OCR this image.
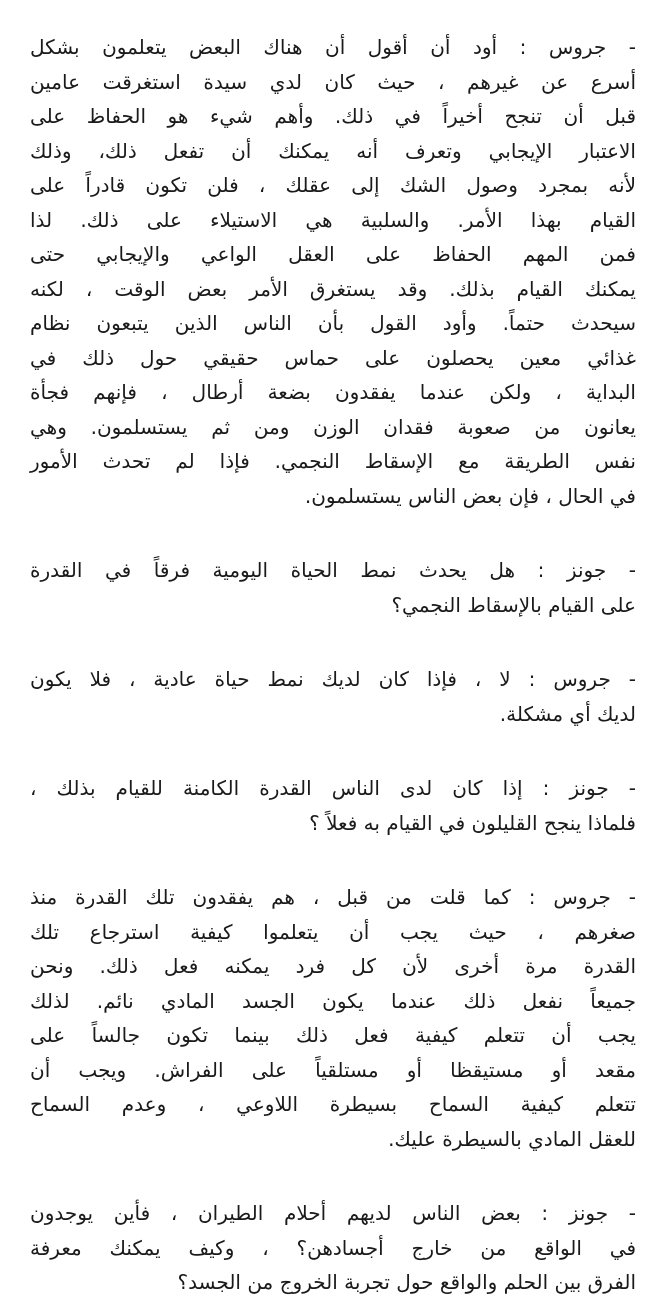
- جروس : أود أن أقول أن هناك البعض يتعلمون بشكل
أسرع عن غيرهم ، حيث كان لدي سيدة استغرقت عامين
قبل أن تنجح أخيراً في ذلك. وأهم شيء هو الحفاظ على
الاعتبار الإيجابي وتعرف أنه يمكنك أن تفعل ذلك، وذلك
لأنه بمجرد وصول الشك إلى عقلك ، فلن تكون قادراً على
القيام بهذا الأمر. والسلبية هي الاستيلاء على ذلك. لذا
فمن المهم الحفاظ على العقل الواعي والإيجابي حتى
يمكنك القيام بذلك. وقد يستغرق الأمر بعض الوقت ، لكنه
سيحدث حتماً. وأود القول بأن الناس الذين يتبعون نظام
غذائي معين يحصلون على حماس حقيقي حول ذلك في
البداية ، ولكن عندما يفقدون بضعة أرطال ، فإنهم فجأة
يعانون من صعوبة فقدان الوزن ومن ثم يستسلمون. وهي
نفس الطريقة مع الإسقاط النجمي. فإذا لم تحدث الأمور
في الحال ، فإن بعض الناس يستسلمون.
- جونز : هل يحدث نمط الحياة اليومية فرقاً في القدرة
على القيام بالإسقاط النجمي؟
- جروس : لا ، فإذا كان لديك نمط حياة عادية ، فلا يكون
لديك أي مشكلة.
- جونز : إذا كان لدى الناس القدرة الكامنة للقيام بذلك ،
فلماذا ينجح القليلون في القيام به فعلاً ؟
- جروس : كما قلت من قبل ، هم يفقدون تلك القدرة منذ
صغرهم ، حيث يجب أن يتعلموا كيفية استرجاع تلك
القدرة مرة أخرى لأن كل فرد يمكنه فعل ذلك. ونحن
جميعاً نفعل ذلك عندما يكون الجسد المادي نائم. لذلك
يجب أن تتعلم كيفية فعل ذلك بينما تكون جالساً على
مقعد أو مستيقظا أو مستلقياً على الفراش. ويجب أن
تتعلم كيفية السماح بسيطرة اللاوعي ، وعدم السماح
للعقل المادي بالسيطرة عليك.
- جونز : بعض الناس لديهم أحلام الطيران ، فأين يوجدون
في الواقع من خارج أجسادهن؟ ، وكيف يمكنك معرفة
الفرق بين الحلم والواقع حول تجربة الخروج من الجسد؟
